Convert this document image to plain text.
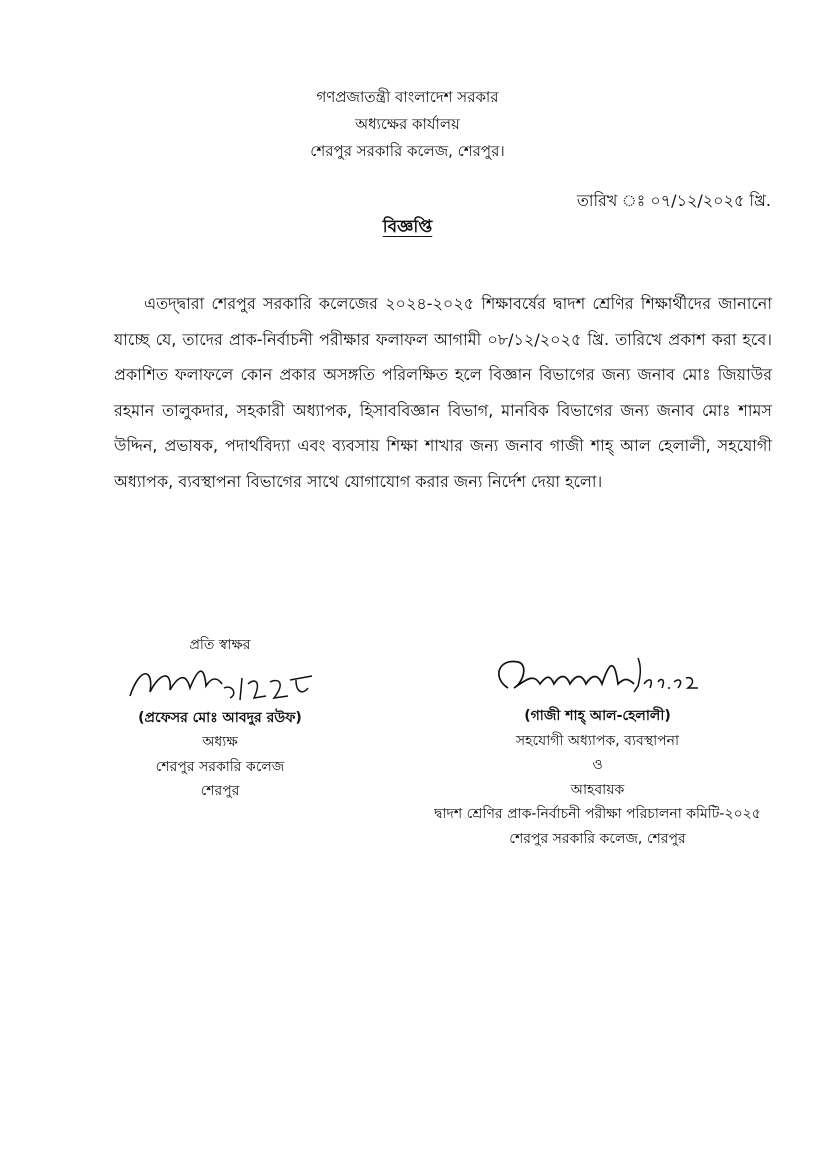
গণপ্রজাতন্ত্রী বাংলাদেশ সরকার
অধ্যক্ষের কার্যালয়
শেরপুর সরকারি কলেজ, শেরপুর।
তারিখ ঃ ০৭/১২/২০২৫ খ্রি.
বিজ্ঞপ্তি
এতদ্দ্বারা শেরপুর সরকারি কলেজের ২০২৪-২০২৫ শিক্ষাবর্ষের দ্বাদশ শ্রেণির শিক্ষার্থীদের জানানো যাচ্ছে যে, তাদের প্রাক-নির্বাচনী পরীক্ষার ফলাফল আগামী ০৮/১২/২০২৫ খ্রি. তারিখে প্রকাশ করা হবে। প্রকাশিত ফলাফলে কোন প্রকার অসঙ্গতি পরিলক্ষিত হলে বিজ্ঞান বিভাগের জন্য জনাব মোঃ জিয়াউর রহমান তালুকদার, সহকারী অধ্যাপক, হিসাববিজ্ঞান বিভাগ, মানবিক বিভাগের জন্য জনাব মোঃ শামস উদ্দিন, প্রভাষক, পদার্থবিদ্যা এবং ব্যবসায় শিক্ষা শাখার জন্য জনাব গাজী শাহ্ আল হেলালী, সহযোগী অধ্যাপক, ব্যবস্থাপনা বিভাগের সাথে যোগাযোগ করার জন্য নির্দেশ দেয়া হলো।
প্রতি স্বাক্ষর
(প্রফেসর মোঃ আবদুর রউফ)
অধ্যক্ষ
শেরপুর সরকারি কলেজ
শেরপুর
(গাজী শাহ্ আল-হেলালী)
সহযোগী অধ্যাপক, ব্যবস্থাপনা
ও
আহবায়ক
দ্বাদশ শ্রেণির প্রাক-নির্বাচনী পরীক্ষা পরিচালনা কমিটি-২০২৫
শেরপুর সরকারি কলেজ, শেরপুর
